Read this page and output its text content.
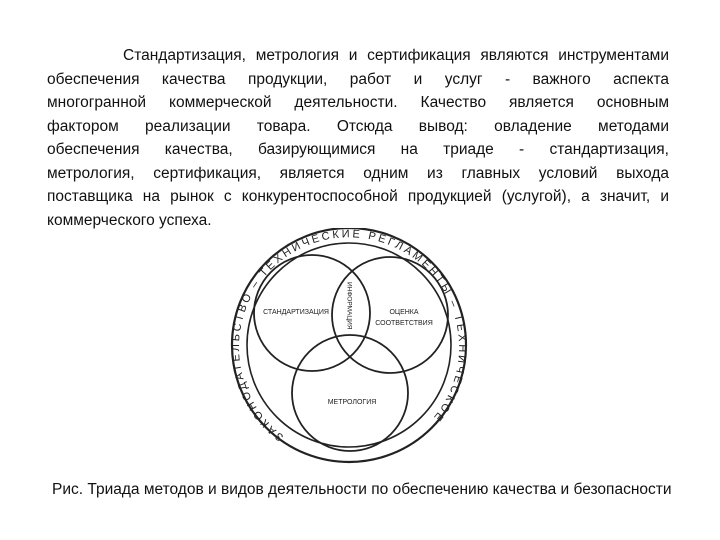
Стандартизация, метрология и сертификация являются инструментами
обеспечения качества продукции, работ и услуг - важного аспекта
многогранной коммерческой деятельности. Качество является основным
фактором реализации товара. Отсюда вывод: овладение методами
обеспечения качества, базирующимися на триаде - стандартизация,
метрология, сертификация, является одним из главных условий выхода
поставщика на рынок с конкурентоспособной продукцией (услугой), а значит, и
коммерческого успеха.
ЗАКОНОДАТЕЛЬСТВО – ТЕХНИЧЕСКИЕ РЕГЛАМЕНТЫ – ТЕХНИЧЕСКОЕ
СТАНДАРТИЗАЦИЯ	ОЦЕНКА
СООТВЕТСТВИЯ
МЕТРОЛОГИЯ
ИНФОРМАЦИЯ
Рис. Триада методов и видов деятельности по обеспечению качества и безопасности
